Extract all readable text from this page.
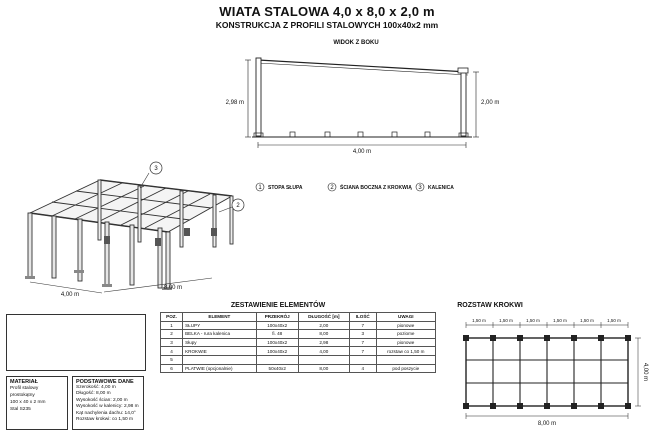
WIATA STALOWA 4,0 x 8,0 x 2,0 m
KONSTRUKCJA Z PROFILI STALOWYCH 100x40x2 mm
WIDOK Z BOKU
2,98 m	2,00 m
4,00 m
4,00 m
8,00 m
3
2
1 STOPA SŁUPA	2 ŚCIANA BOCZNA Z KROKWIĄ 3 KALENICA
ZESTAWIENIE ELEMENTÓW	ROZSTAW KROKWI
1,50 m	1,50 m	1,50 m	1,50 m	1,50 m	1,50 m
8,00 m
4,00 m
POZ.	ELEMENT	PRZEKRÓJ	DŁUGOŚĆ [m]	ILOŚĆ	UWAGI
1	SŁUPY	100x40x2	2,00	7	pionowe
2	BELKA - rura kalenica	fi. 48	8,00	3	poziome
3	Słupy	100x40x2	2,98	7	pionowe
4	KROKWIE	100x40x2	4,00	7	rozstaw co 1,50 m
5					
6	PLATWIE (opcjonalnie)	50x40x2	8,00	4	pod poszycie
MATERIAŁ
Profil stalowy prostokątny
100 x 40 x 2 mm
Stal S235
PODSTAWOWE DANE
Szerokość: 4,00 m
Długość: 8,00 m
Wysokość ścian: 2,00 m
Wysokość w kalenicy: 2,98 m
Kąt nachylenia dachu: 14,0°
Rozstaw krokwi: co 1,50 m
